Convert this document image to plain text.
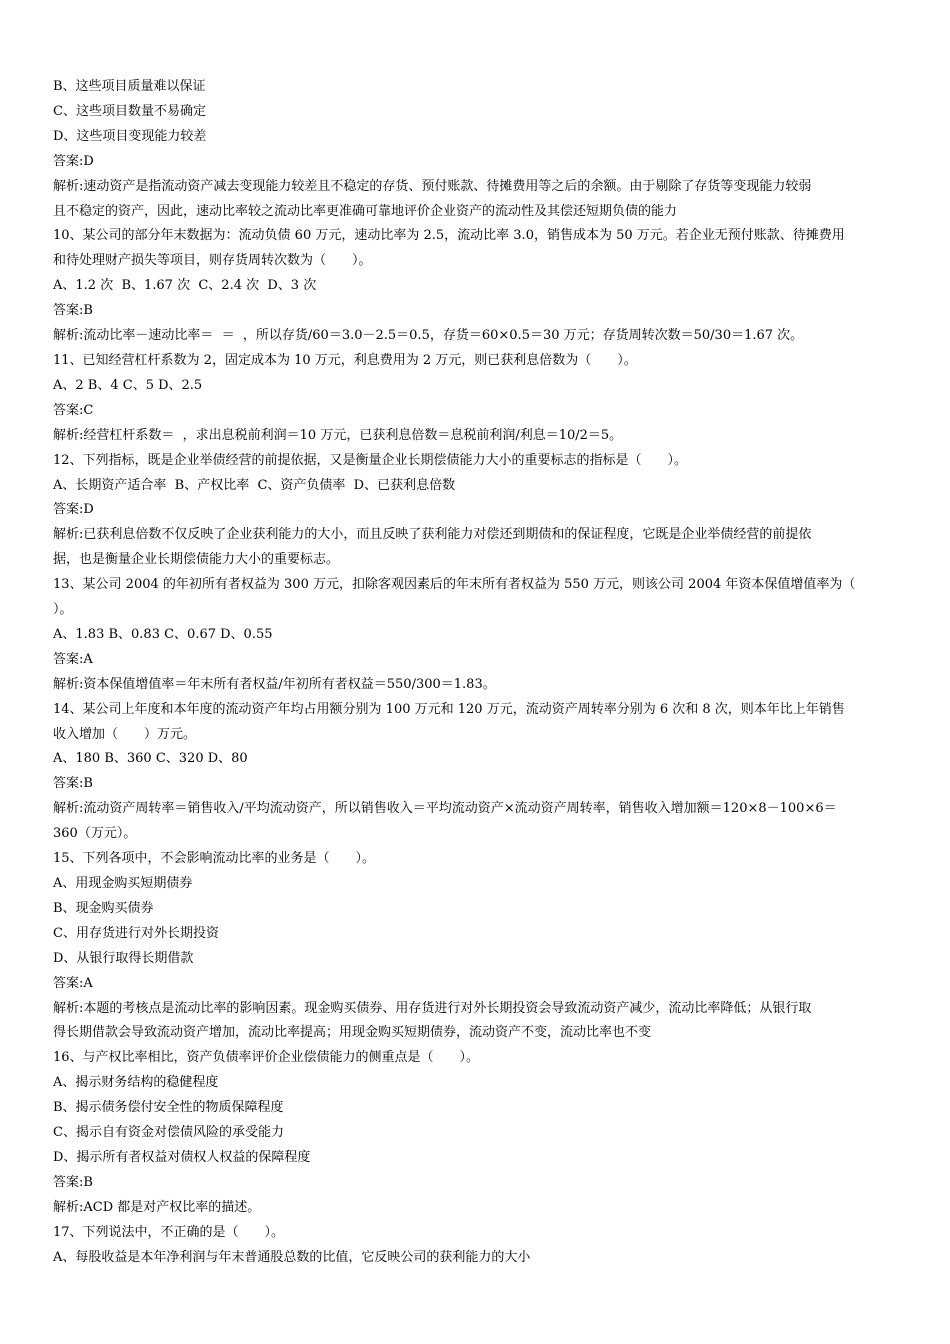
B、这些项目质量难以保证
C、这些项目数量不易确定
D、这些项目变现能力较差
答案:D
解析:速动资产是指流动资产减去变现能力较差且不稳定的存货、预付账款、待摊费用等之后的余额。由于剔除了存货等变现能力较弱
且不稳定的资产，因此，速动比率较之流动比率更准确可靠地评价企业资产的流动性及其偿还短期负债的能力
10、某公司的部分年末数据为：流动负债 60 万元，速动比率为 2.5，流动比率 3.0，销售成本为 50 万元。若企业无预付账款、待摊费用
和待处理财产损失等项目，则存货周转次数为（　　）。
A、1.2 次  B、1.67 次  C、2.4 次  D、3 次
答案:B
解析:流动比率－速动比率＝  ＝  ，所以存货/60＝3.0－2.5＝0.5，存货＝60×0.5＝30 万元；存货周转次数＝50/30＝1.67 次。
11、已知经营杠杆系数为 2，固定成本为 10 万元，利息费用为 2 万元，则已获利息倍数为（　　）。
A、2 B、4 C、5 D、2.5
答案:C
解析:经营杠杆系数＝  ，求出息税前利润＝10 万元，已获利息倍数＝息税前利润/利息＝10/2＝5。
12、下列指标，既是企业举债经营的前提依据，又是衡量企业长期偿债能力大小的重要标志的指标是（　　）。
A、长期资产适合率  B、产权比率  C、资产负债率  D、已获利息倍数
答案:D
解析:已获利息倍数不仅反映了企业获利能力的大小，而且反映了获利能力对偿还到期债和的保证程度，它既是企业举债经营的前提依
据，也是衡量企业长期偿债能力大小的重要标志。
13、某公司 2004 的年初所有者权益为 300 万元，扣除客观因素后的年末所有者权益为 550 万元，则该公司 2004 年资本保值增值率为（
）。
A、1.83 B、0.83 C、0.67 D、0.55
答案:A
解析:资本保值增值率＝年末所有者权益/年初所有者权益＝550/300＝1.83。
14、某公司上年度和本年度的流动资产年均占用额分别为 100 万元和 120 万元，流动资产周转率分别为 6 次和 8 次，则本年比上年销售
收入增加（　　）万元。
A、180 B、360 C、320 D、80
答案:B
解析:流动资产周转率＝销售收入/平均流动资产，所以销售收入＝平均流动资产×流动资产周转率，销售收入增加额＝120×8－100×6＝
360（万元）。
15、下列各项中，不会影响流动比率的业务是（　　）。
A、用现金购买短期债券
B、现金购买债券
C、用存货进行对外长期投资
D、从银行取得长期借款
答案:A
解析:本题的考核点是流动比率的影响因素。现金购买债券、用存货进行对外长期投资会导致流动资产减少，流动比率降低；从银行取
得长期借款会导致流动资产增加，流动比率提高；用现金购买短期债券，流动资产不变，流动比率也不变
16、与产权比率相比，资产负债率评价企业偿债能力的侧重点是（　　）。
A、揭示财务结构的稳健程度
B、揭示债务偿付安全性的物质保障程度
C、揭示自有资金对偿债风险的承受能力
D、揭示所有者权益对债权人权益的保障程度
答案:B
解析:ACD 都是对产权比率的描述。
17、下列说法中，不正确的是（　　）。
A、每股收益是本年净利润与年末普通股总数的比值，它反映公司的获利能力的大小
